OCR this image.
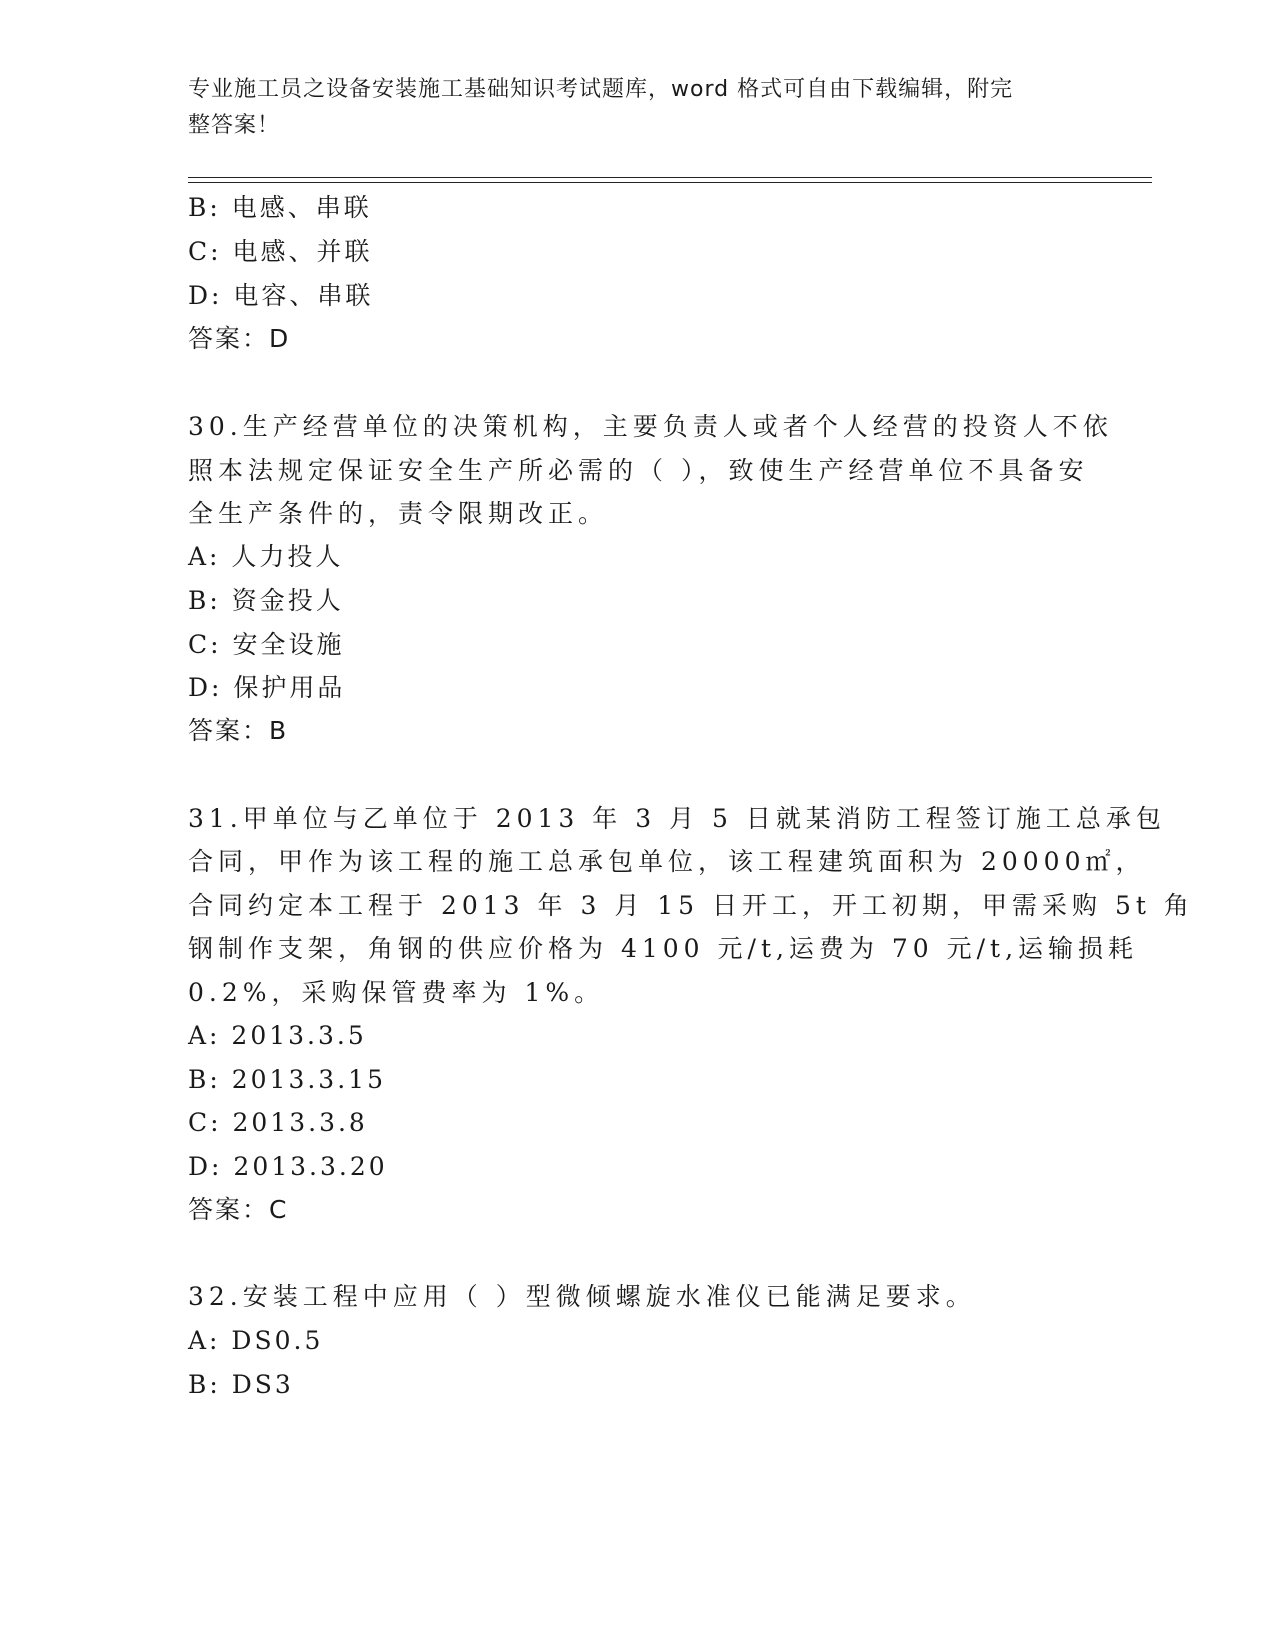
专业施工员之设备安装施工基础知识考试题库，word 格式可自由下载编辑，附完
整答案！
B: 电感、串联
C: 电感、并联
D: 电容、串联
答案：D
30.生产经营单位的决策机构，主要负责人或者个人经营的投资人不依
照本法规定保证安全生产所必需的（ ），致使生产经营单位不具备安
全生产条件的，责令限期改正。
A: 人力投人
B: 资金投人
C: 安全设施
D: 保护用品
答案：B
31.甲单位与乙单位于 2013 年 3 月 5 日就某消防工程签订施工总承包
合同，甲作为该工程的施工总承包单位，该工程建筑面积为 20000㎡，
合同约定本工程于 2013 年 3 月 15 日开工，开工初期，甲需采购 5t 角
钢制作支架，角钢的供应价格为 4100 元/t,运费为 70 元/t,运输损耗
0.2%，采购保管费率为 1%。
A: 2013.3.5
B: 2013.3.15
C: 2013.3.8
D: 2013.3.20
答案：C
32.安装工程中应用（ ）型微倾螺旋水准仪已能满足要求。
A: DS0.5
B: DS3
